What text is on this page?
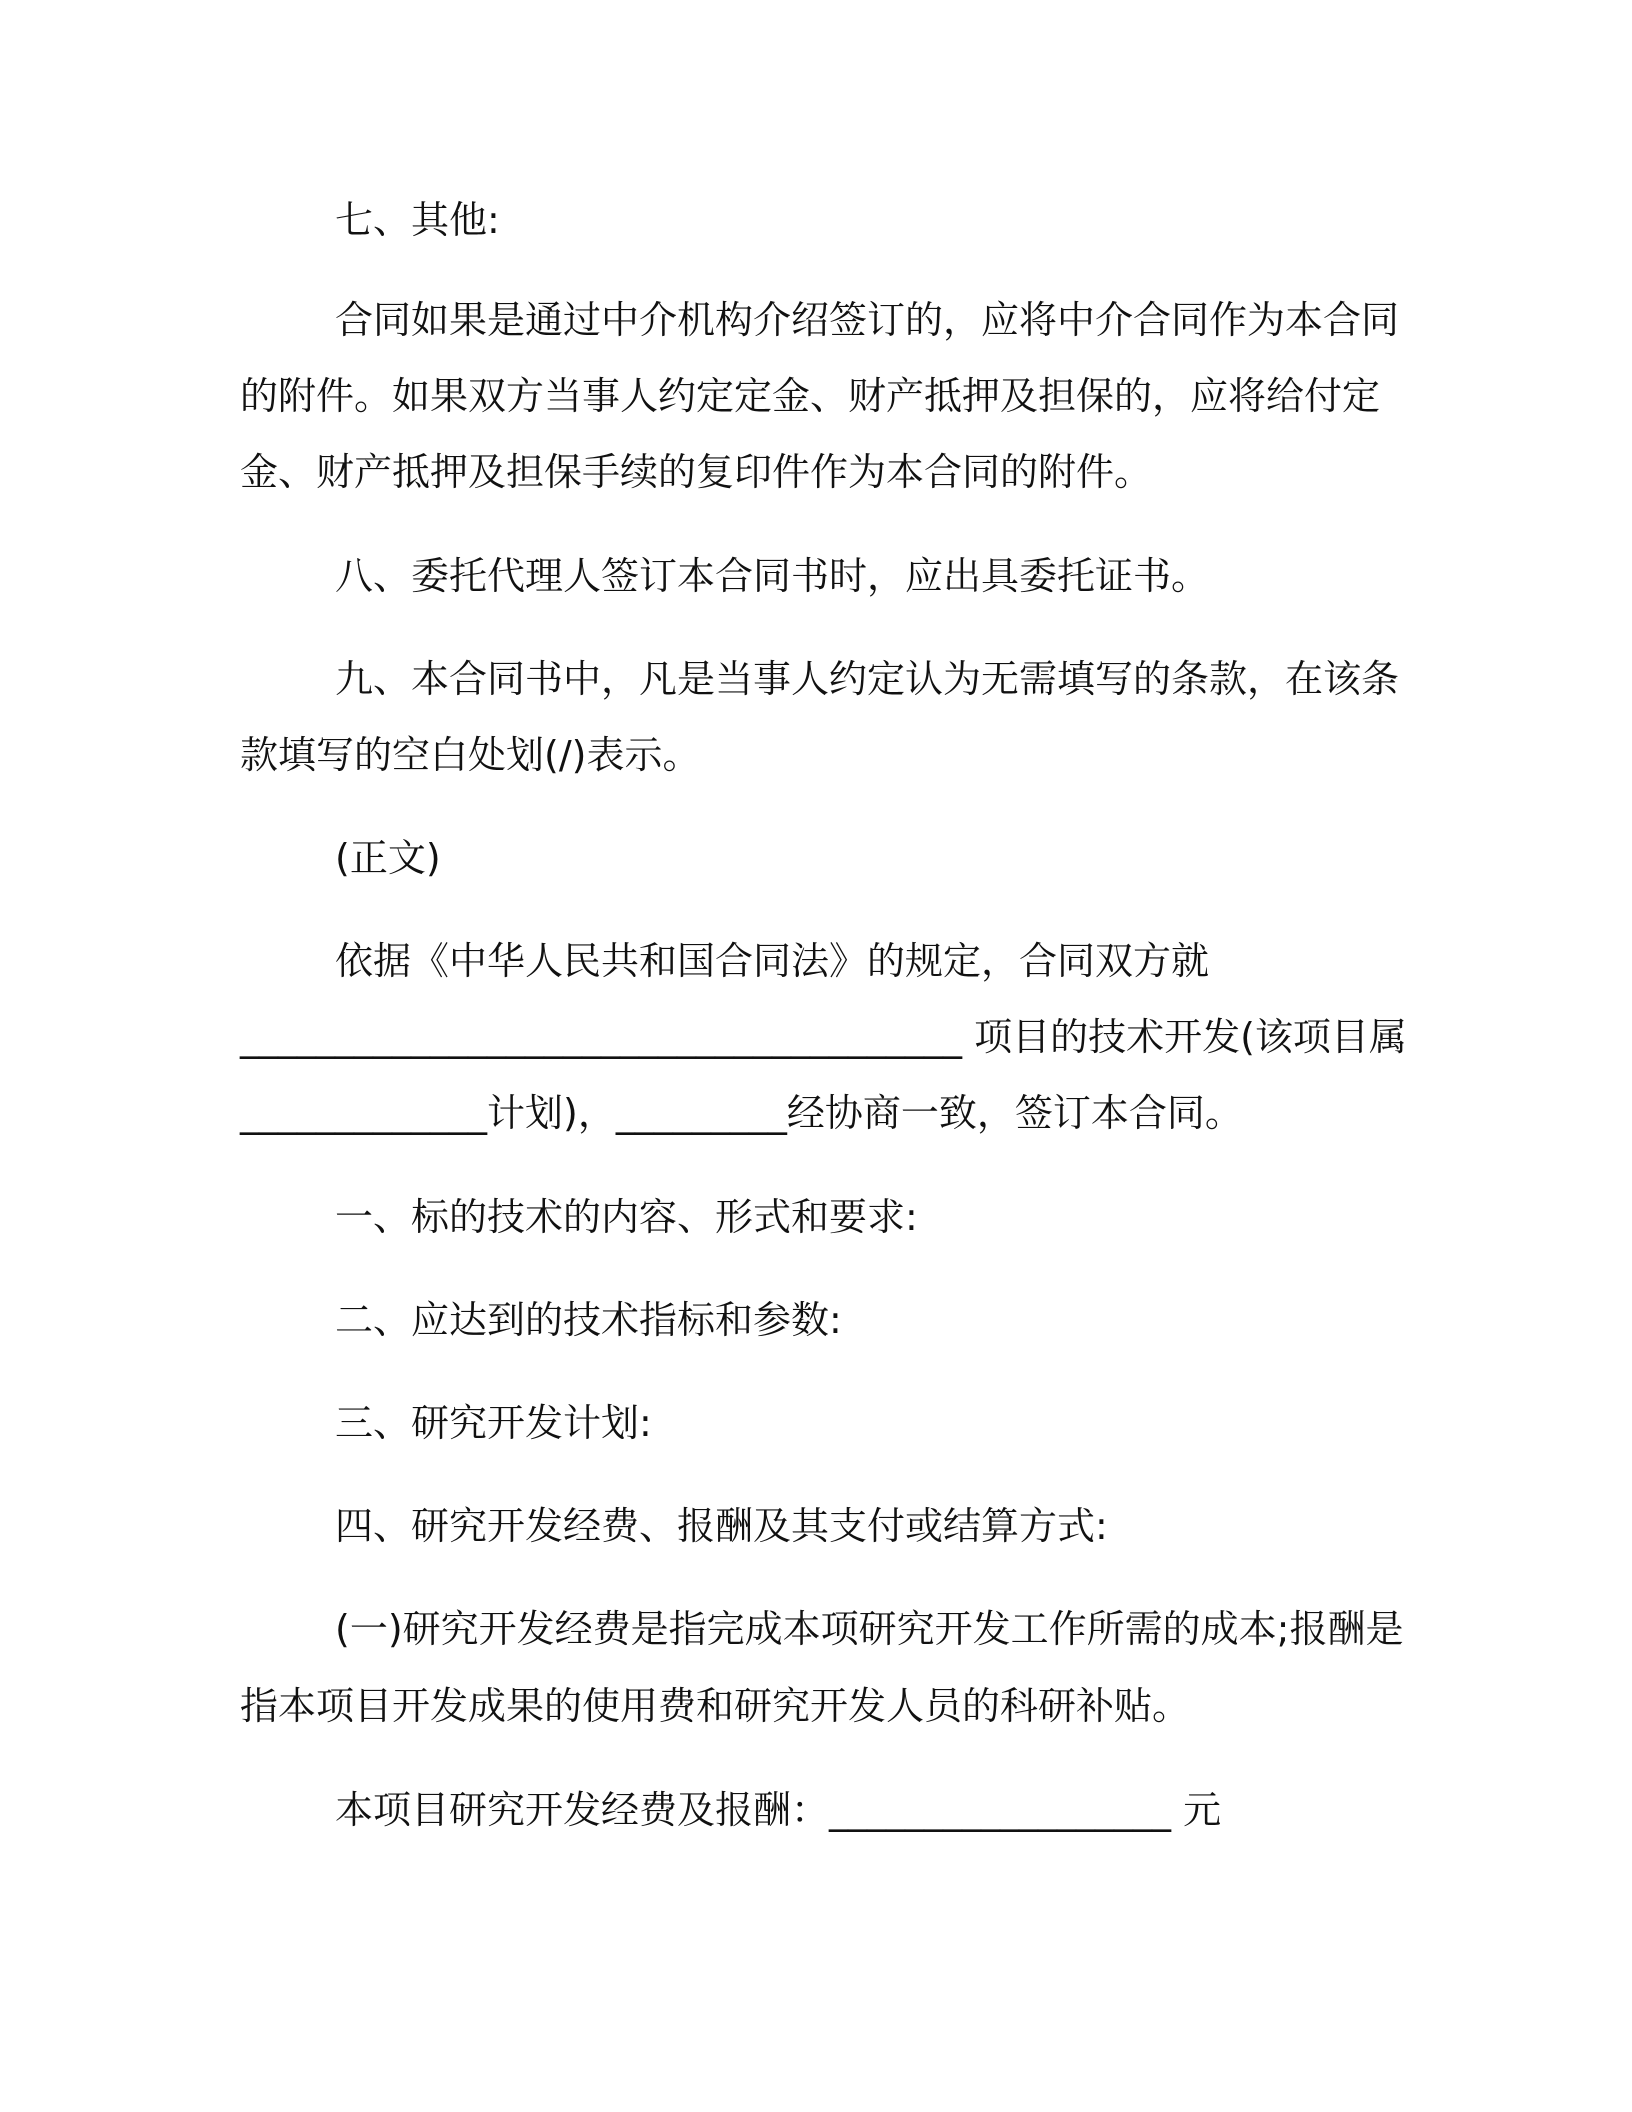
七、其他:
合同如果是通过中介机构介绍签订的，应将中介合同作为本合同
的附件。如果双方当事人约定定金、财产抵押及担保的，应将给付定
金、财产抵押及担保手续的复印件作为本合同的附件。
八、委托代理人签订本合同书时，应出具委托证书。
九、本合同书中，凡是当事人约定认为无需填写的条款，在该条
款填写的空白处划(/)表示。
(正文)
依据《中华人民共和国合同法》的规定，合同双方就
______________________________________ 项目的技术开发(该项目属
_____________计划)，_________经协商一致，签订本合同。
一、标的技术的内容、形式和要求:
二、应达到的技术指标和参数:
三、研究开发计划:
四、研究开发经费、报酬及其支付或结算方式:
(一)研究开发经费是指完成本项研究开发工作所需的成本;报酬是
指本项目开发成果的使用费和研究开发人员的科研补贴。
本项目研究开发经费及报酬：__________________ 元
